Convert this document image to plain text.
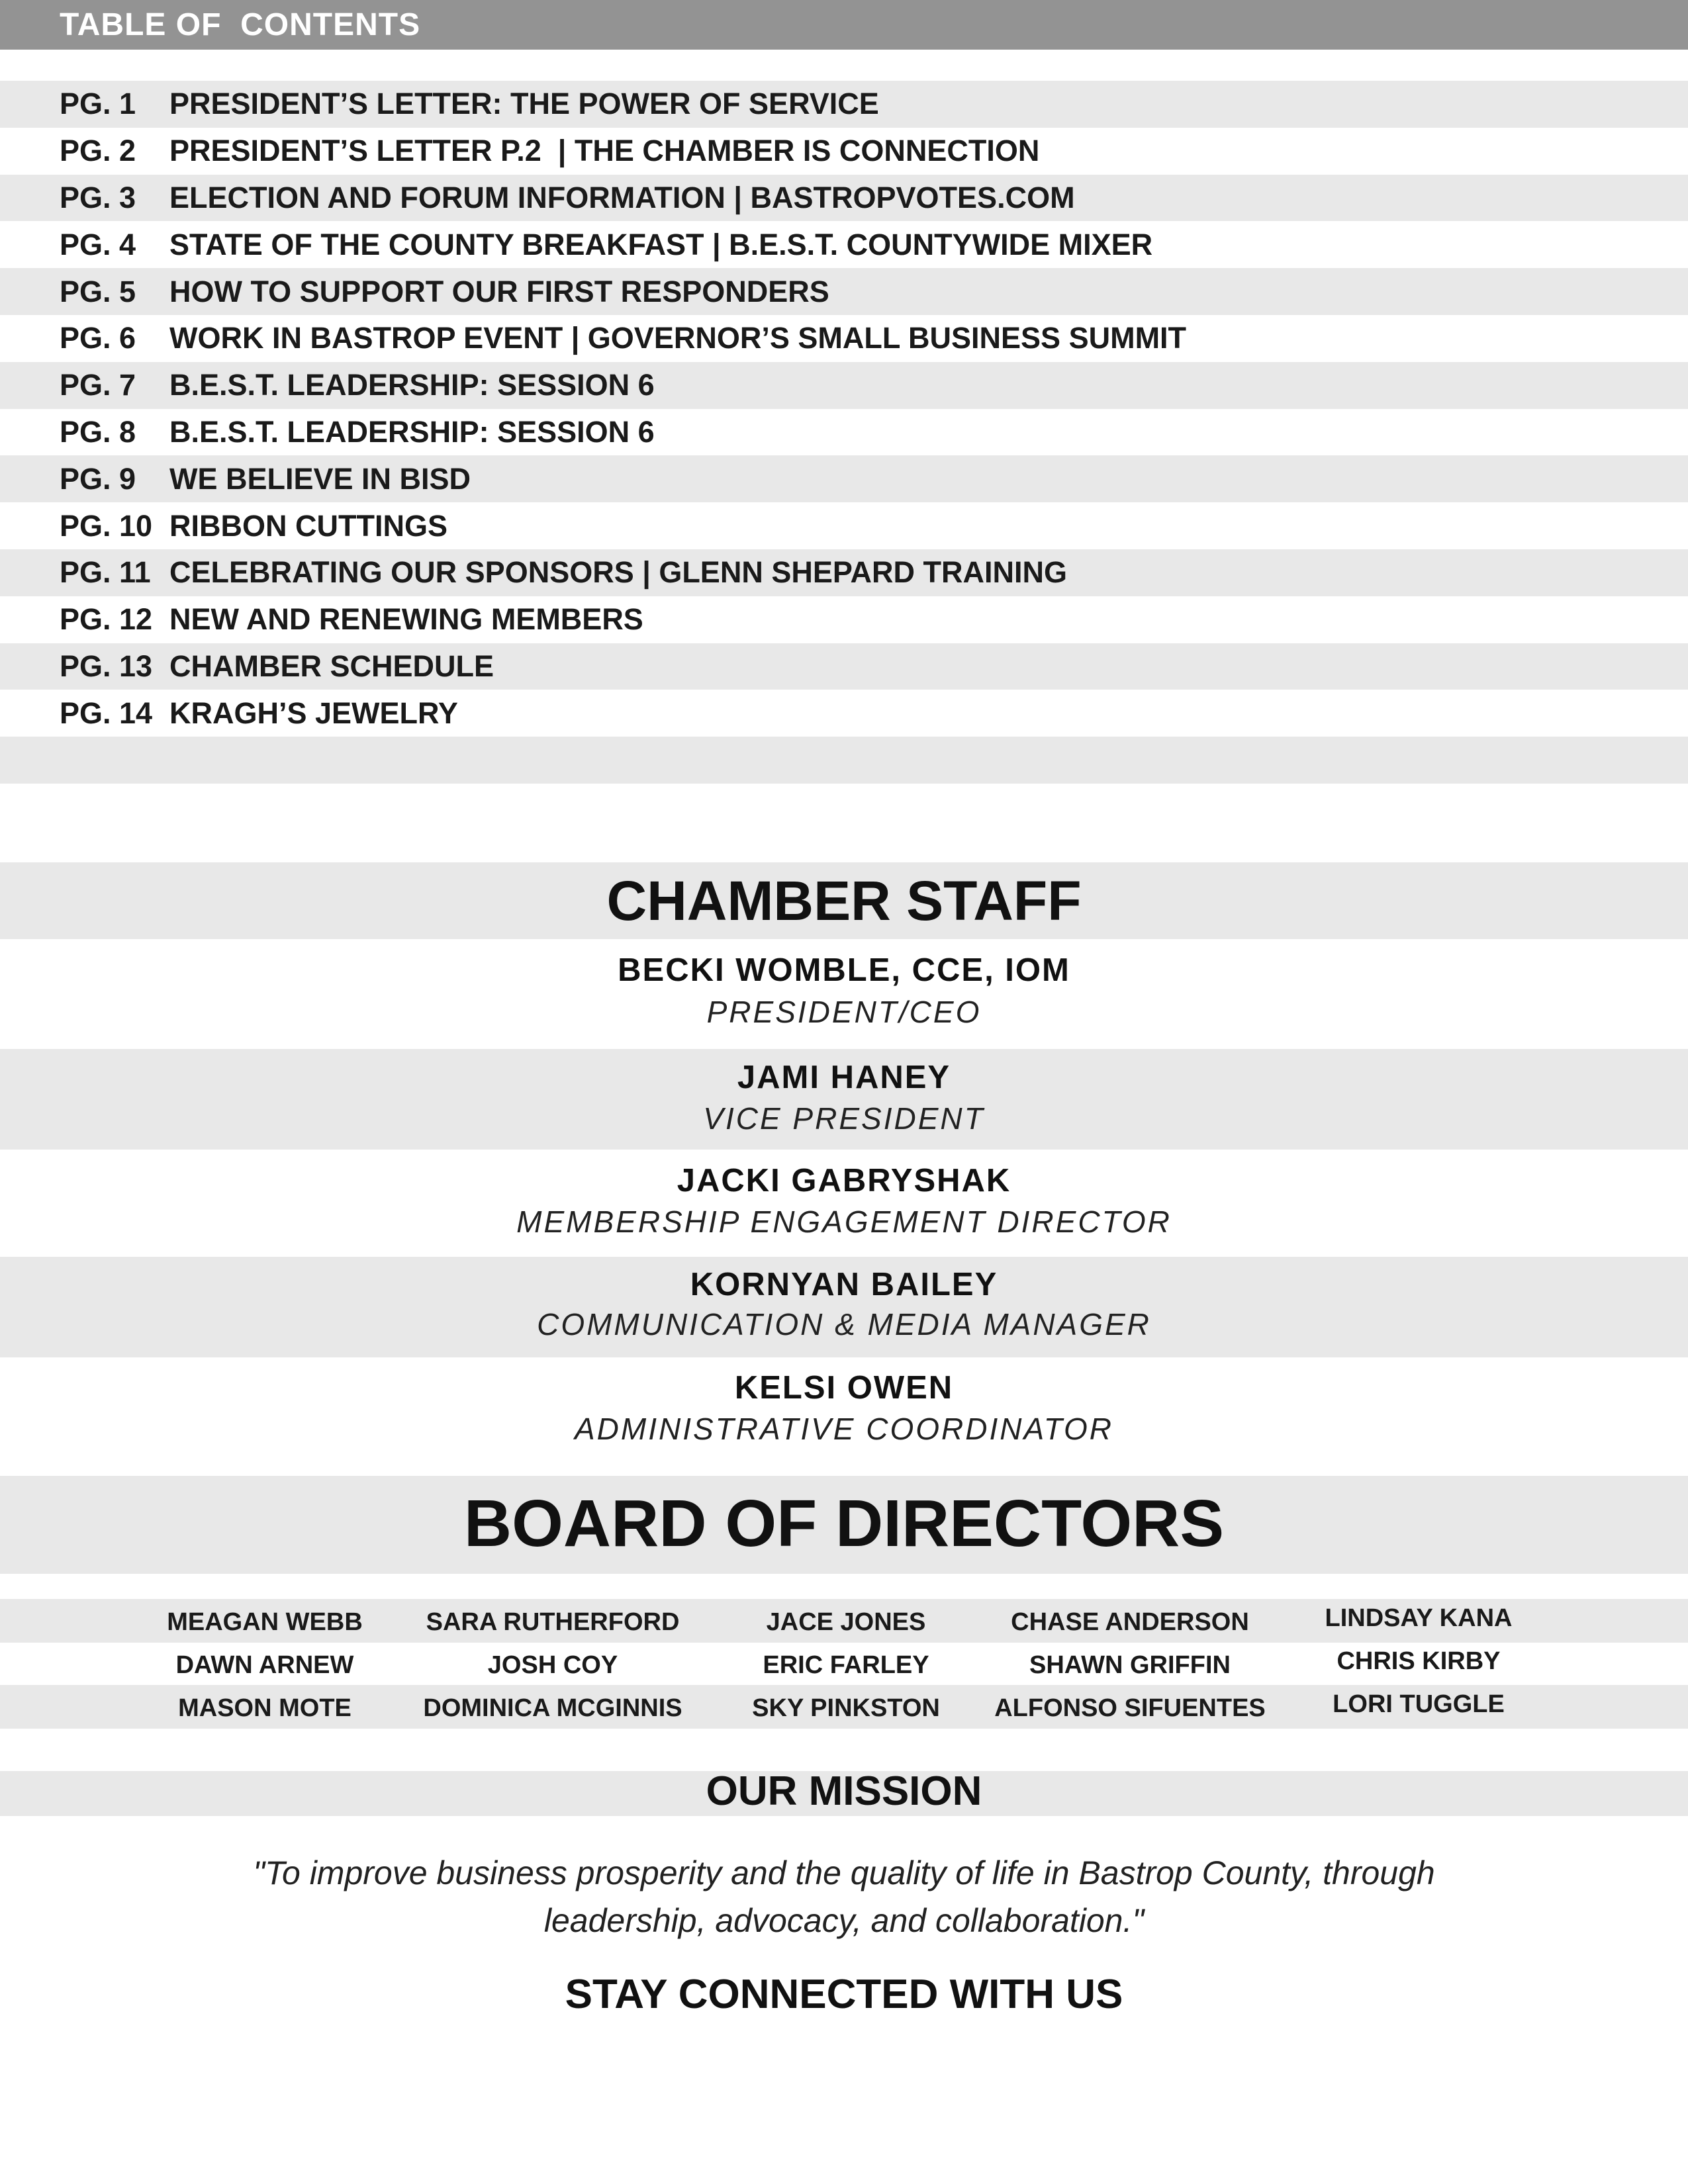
TABLE OF  CONTENTS
PG. 1 PRESIDENT’S LETTER: THE POWER OF SERVICE
PG. 2 PRESIDENT’S LETTER P.2  | THE CHAMBER IS CONNECTION
PG. 3 ELECTION AND FORUM INFORMATION | BASTROPVOTES.COM
PG. 4 STATE OF THE COUNTY BREAKFAST | B.E.S.T. COUNTYWIDE MIXER
PG. 5 HOW TO SUPPORT OUR FIRST RESPONDERS
PG. 6 WORK IN BASTROP EVENT | GOVERNOR’S SMALL BUSINESS SUMMIT
PG. 7 B.E.S.T. LEADERSHIP: SESSION 6
PG. 8 B.E.S.T. LEADERSHIP: SESSION 6
PG. 9 WE BELIEVE IN BISD
PG. 10 RIBBON CUTTINGS
PG. 11 CELEBRATING OUR SPONSORS | GLENN SHEPARD TRAINING
PG. 12 NEW AND RENEWING MEMBERS
PG. 13 CHAMBER SCHEDULE
PG. 14 KRAGH’S JEWELRY
CHAMBER STAFF
BECKI WOMBLE, CCE, IOM
PRESIDENT/CEO
JAMI HANEY
VICE PRESIDENT
JACKI GABRYSHAK
MEMBERSHIP ENGAGEMENT DIRECTOR
KORNYAN BAILEY
COMMUNICATION & MEDIA MANAGER
KELSI OWEN
ADMINISTRATIVE COORDINATOR
BOARD OF DIRECTORS
MEAGAN WEBB	SARA RUTHERFORD	JACE JONES	CHASE ANDERSON	LINDSAY KANA
DAWN ARNEW	JOSH COY	ERIC FARLEY	SHAWN GRIFFIN	CHRIS KIRBY
MASON MOTE	DOMINICA MCGINNIS	SKY PINKSTON	ALFONSO SIFUENTES	LORI TUGGLE
OUR MISSION
"To improve business prosperity and the quality of life in Bastrop County, through
leadership, advocacy, and collaboration."
STAY CONNECTED WITH US
